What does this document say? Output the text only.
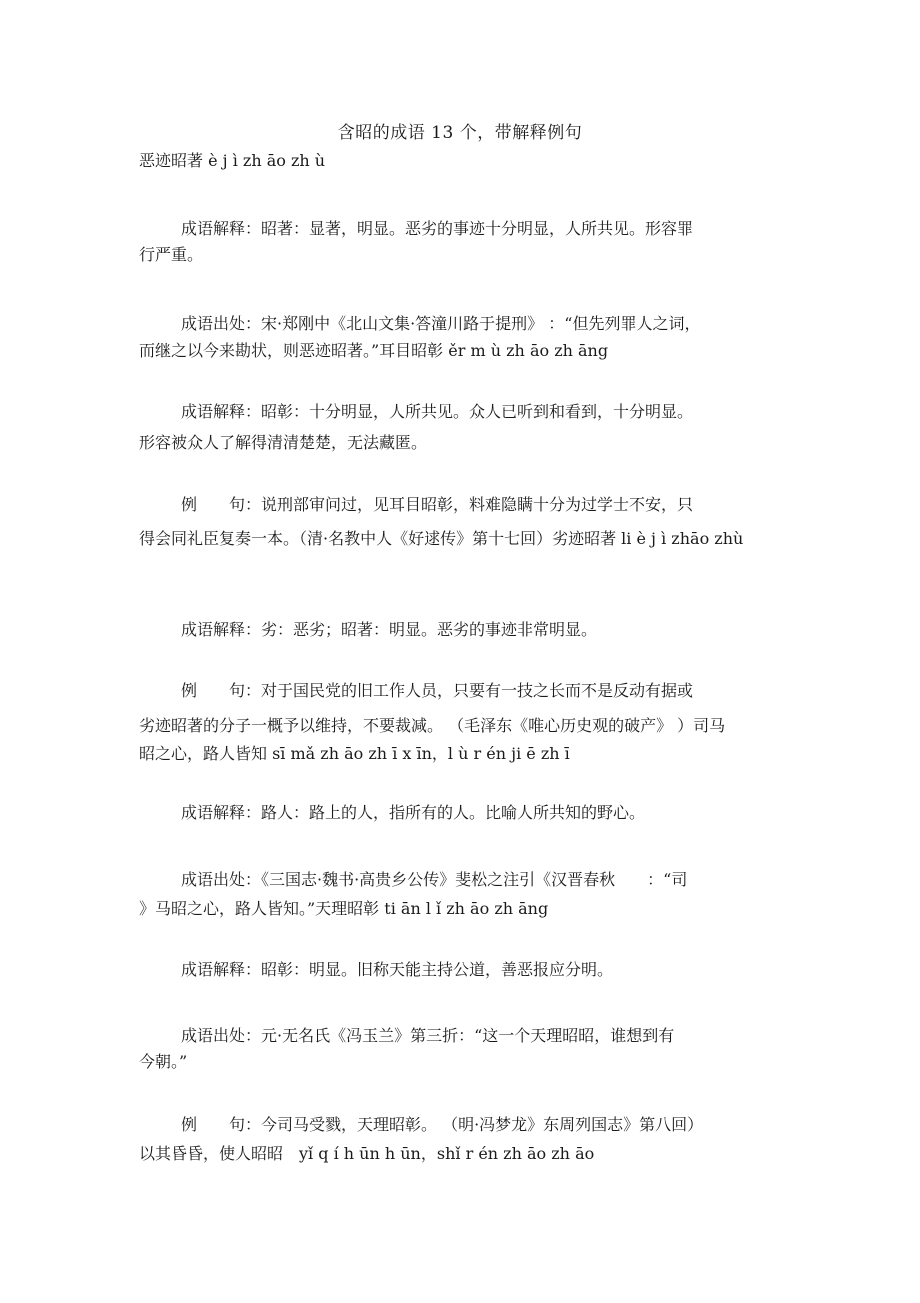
含昭的成语 13 个，带解释例句
恶迹昭著 è j ì zh āo zh ù
成语解释：昭著：显著，明显。恶劣的事迹十分明显，人所共见。形容罪
行严重。
成语出处：宋·郑刚中《北山文集·答潼川路于提刑》 ：“但先列罪人之词，
而继之以今来勘状，则恶迹昭著。”耳目昭彰 ěr m ù zh āo zh āng
成语解释：昭彰：十分明显，人所共见。众人已听到和看到，十分明显。
形容被众人了解得清清楚楚，无法藏匿。
例　　句：说刑部审问过，见耳目昭彰，料难隐瞒十分为过学士不安，只
得会同礼臣复奏一本。（清·名教中人《好逑传》第十七回）劣迹昭著 li è j ì zhāo zhù
成语解释：劣：恶劣；昭著：明显。恶劣的事迹非常明显。
例　　句：对于国民党的旧工作人员，只要有一技之长而不是反动有据或
劣迹昭著的分子一概予以维持，不要裁减。 （毛泽东《唯心历史观的破产》 ）司马
昭之心，路人皆知 sī mǎ zh āo zh ī x īn，l ù r én ji ē zh ī
成语解释：路人：路上的人，指所有的人。比喻人所共知的野心。
成语出处：《三国志·魏书·高贵乡公传》斐松之注引《汉晋春秋　　：“司
》马昭之心，路人皆知。”天理昭彰 ti ān l ǐ zh āo zh āng
成语解释：昭彰：明显。旧称天能主持公道，善恶报应分明。
成语出处：元·无名氏《冯玉兰》第三折：“这一个天理昭昭，谁想到有
今朝。”
例　　句：今司马受戮，天理昭彰。 （明·冯梦龙》东周列国志》第八回）
以其昏昏，使人昭昭　yǐ q í h ūn h ūn，shǐ r én zh āo zh āo
